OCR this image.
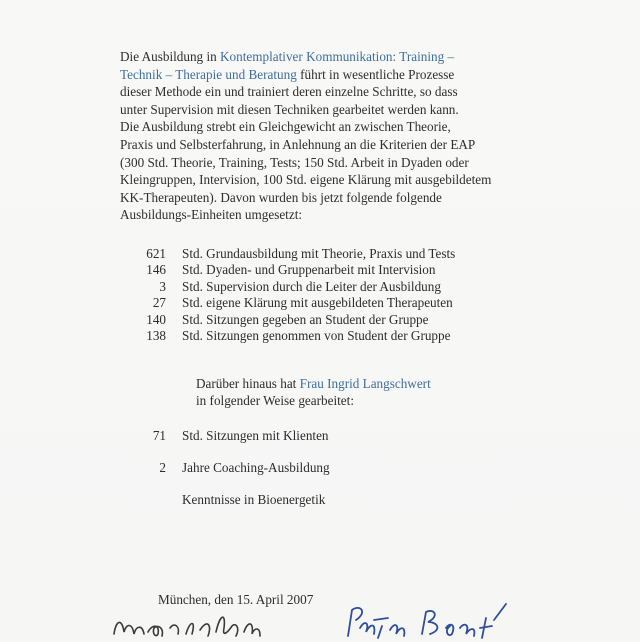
Die Ausbildung in Kontemplativer Kommunikation: Training –
Technik – Therapie und Beratung führt in wesentliche Prozesse
dieser Methode ein und trainiert deren einzelne Schritte, so dass
unter Supervision mit diesen Techniken gearbeitet werden kann.
Die Ausbildung strebt ein Gleichgewicht an zwischen Theorie,
Praxis und Selbsterfahrung, in Anlehnung an die Kriterien der EAP
(300 Std. Theorie, Training, Tests; 150 Std. Arbeit in Dyaden oder
Kleingruppen, Intervision, 100 Std. eigene Klärung mit ausgebildetem
KK-Therapeuten). Davon wurden bis jetzt folgende folgende
Ausbildungs-Einheiten umgesetzt:
621	Std. Grundausbildung mit Theorie, Praxis und Tests
146	Std. Dyaden- und Gruppenarbeit mit Intervision
3	Std. Supervision durch die Leiter der Ausbildung
27	Std. eigene Klärung mit ausgebildeten Therapeuten
140	Std. Sitzungen gegeben an Student der Gruppe
138	Std. Sitzungen genommen von Student der Gruppe
Darüber hinaus hat Frau Ingrid Langschwert
in folgender Weise gearbeitet:
71	Std. Sitzungen mit Klienten
2	Jahre Coaching-Ausbildung
Kenntnisse in Bioenergetik
München, den 15. April 2007
